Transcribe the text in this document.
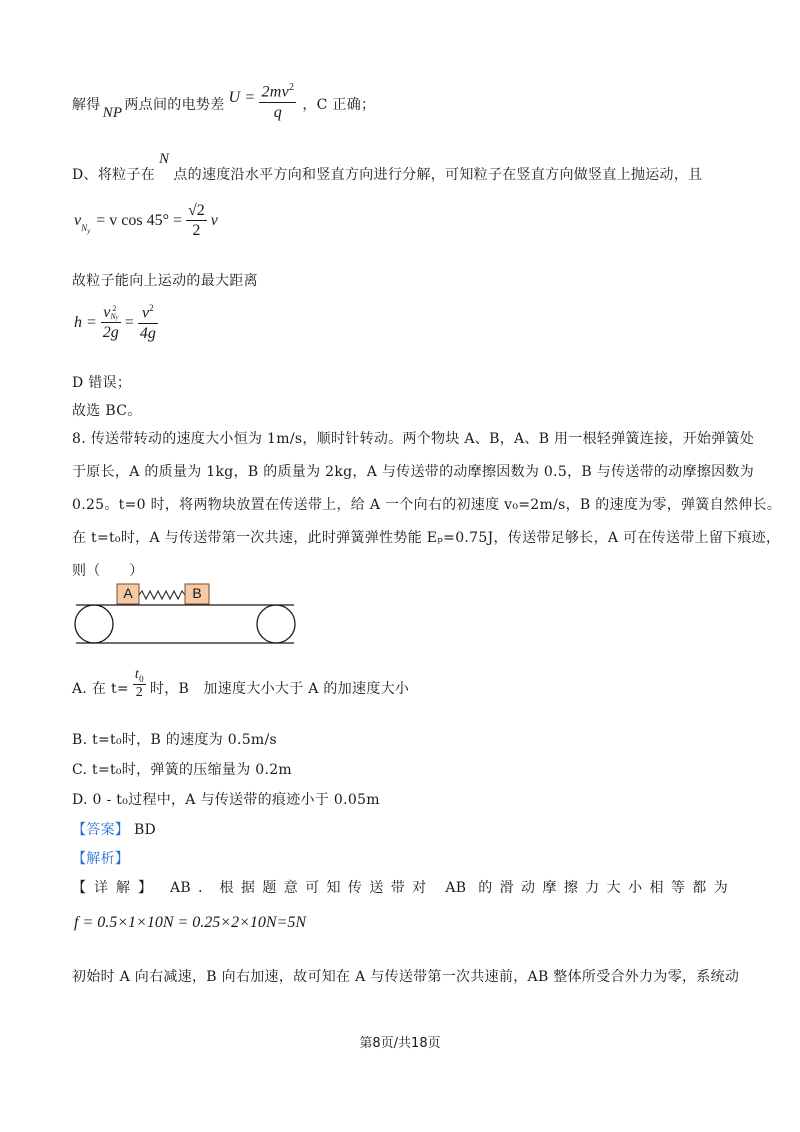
解得 NP 两点间的电势差 $U = \frac{2mv^2}{q}$ ，C 正确；
D、将粒子在
N
点的速度沿水平方向和竖直方向进行分解，可知粒子在竖直方向做竖直上抛运动，且
v $N_y$
= v $\cos 45^\circ = \frac{√2}{2}$ v
故粒子能向上运动的最大距离
h = v 2
Ny
$2g = \frac{v^2}{4g}$
D 错误；
故选 BC。
8. 传送带转动的速度大小恒为 1m/s，顺时针转动。两个物块 A、B，A、B 用一根轻弹簧连接，开始弹簧处
于原长，A 的质量为 1kg，B 的质量为 2kg，A 与传送带的动摩擦因数为 0.5，B 与传送带的动摩擦因数为
0.25。t=0 时，将两物块放置在传送带上，给 A 一个向右的初速度 v₀=2m/s，B 的速度为零，弹簧自然伸长。
在 t=t₀时，A 与传送带第一次共速，此时弹簧弹性势能 Eₚ=0.75J，传送带足够长，A 可在传送带上留下痕迹，
则（　　）
A	B
A. 在 $t= \frac{t_0}{2}$ 时，B　加速度大小大于 A 的加速度大小
B. t=t₀时，B 的速度为 0.5m/s
C. t=t₀时，弹簧的压缩量为 0.2m
D. 0 - t₀过程中，A 与传送带的痕迹小于 0.05m
【答案】 BD
【解析】
【详解】 AB．根据题意可知传送带对 AB 的滑动摩擦力大小相等都为
f = 0.5×1×10N = 0.25×2×10N=5N
初始时 A 向右减速，B 向右加速，故可知在 A 与传送带第一次共速前，AB 整体所受合外力为零，系统动
第8页/共18页
